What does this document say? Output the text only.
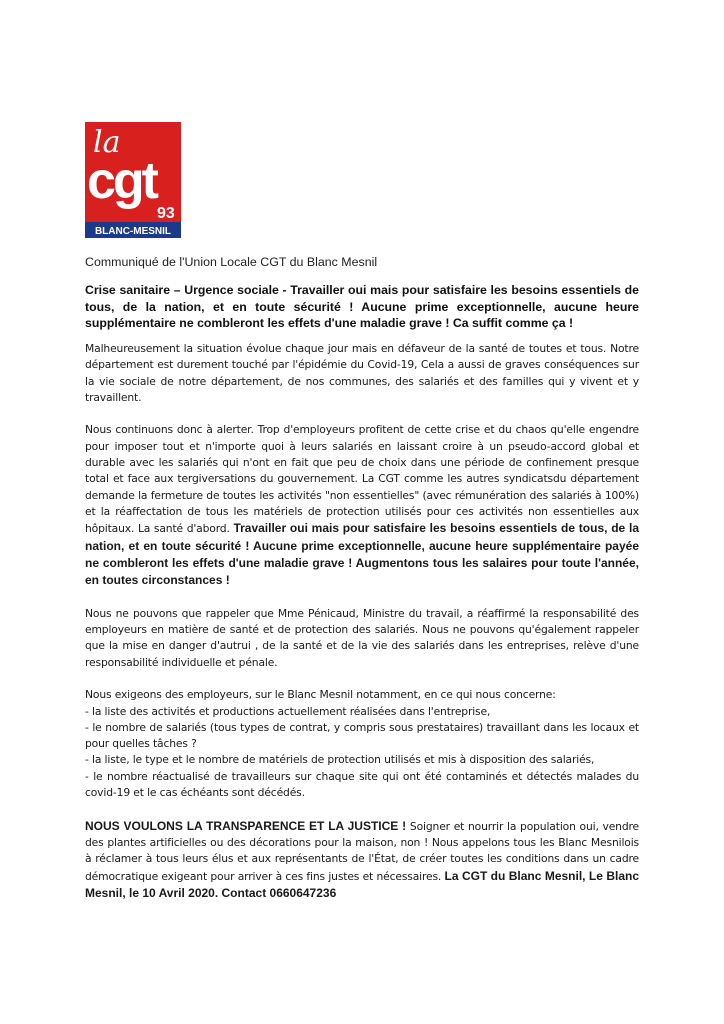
la
cgt
93
BLANC-MESNIL
Communiqué de l'Union Locale CGT du Blanc Mesnil
Crise sanitaire – Urgence sociale - Travailler oui mais pour satisfaire les besoins essentiels de tous, de la nation, et en toute sécurité ! Aucune prime exceptionnelle, aucune heure supplémentaire ne combleront les effets d'une maladie grave ! Ca suffit comme ça !

Malheureusement la situation évolue chaque jour mais en défaveur de la santé de toutes et tous. Notre département est durement touché par l'épidémie du Covid-19, Cela a aussi de graves conséquences sur la vie sociale de notre département, de nos communes, des salariés et des familles qui y vivent et y travaillent.

Nous continuons donc à alerter. Trop d'employeurs profitent de cette crise et du chaos qu'elle engendre pour imposer tout et n'importe quoi à leurs salariés en laissant croire à un pseudo-accord global et durable avec les salariés qui n'ont en fait que peu de choix dans une période de confinement presque total et face aux tergiversations du gouvernement. La CGT comme les autres syndicatsdu département demande la fermeture de toutes les activités "non essentielles" (avec rémunération des salariés à 100%) et la réaffectation de tous les matériels de protection utilisés pour ces activités non essentielles aux hôpitaux. La santé d'abord. Travailler oui mais pour satisfaire les besoins essentiels de tous, de la nation, et en toute sécurité ! Aucune prime exceptionnelle, aucune heure supplémentaire payée ne combleront les effets d'une maladie grave ! Augmentons tous les salaires pour toute l'année, en toutes circonstances !

Nous ne pouvons que rappeler que Mme Pénicaud, Ministre du travail, a réaffirmé la responsabilité des employeurs en matière de santé et de protection des salariés. Nous ne pouvons qu'également rappeler que la mise en danger d'autrui , de la santé et de la vie des salariés dans les entreprises, relève d'une responsabilité individuelle et pénale.

Nous exigeons des employeurs, sur le Blanc Mesnil notamment, en ce qui nous concerne:
- la liste des activités et productions actuellement réalisées dans l'entreprise,
- le nombre de salariés (tous types de contrat, y compris sous prestataires) travaillant dans les locaux et pour quelles tâches ?
- la liste, le type et le nombre de matériels de protection utilisés et mis à disposition des salariés,
- le nombre réactualisé de travailleurs sur chaque site qui ont été contaminés et détectés malades du covid-19 et le cas échéants sont décédés.

NOUS VOULONS LA TRANSPARENCE ET LA JUSTICE ! Soigner et nourrir la population oui, vendre des plantes artificielles ou des décorations pour la maison, non ! Nous appelons tous les Blanc Mesnilois à réclamer à tous leurs élus et aux représentants de l'État, de créer toutes les conditions dans un cadre démocratique exigeant pour arriver à ces fins justes et nécessaires. La CGT du Blanc Mesnil, Le Blanc Mesnil, le 10 Avril 2020. Contact 0660647236
